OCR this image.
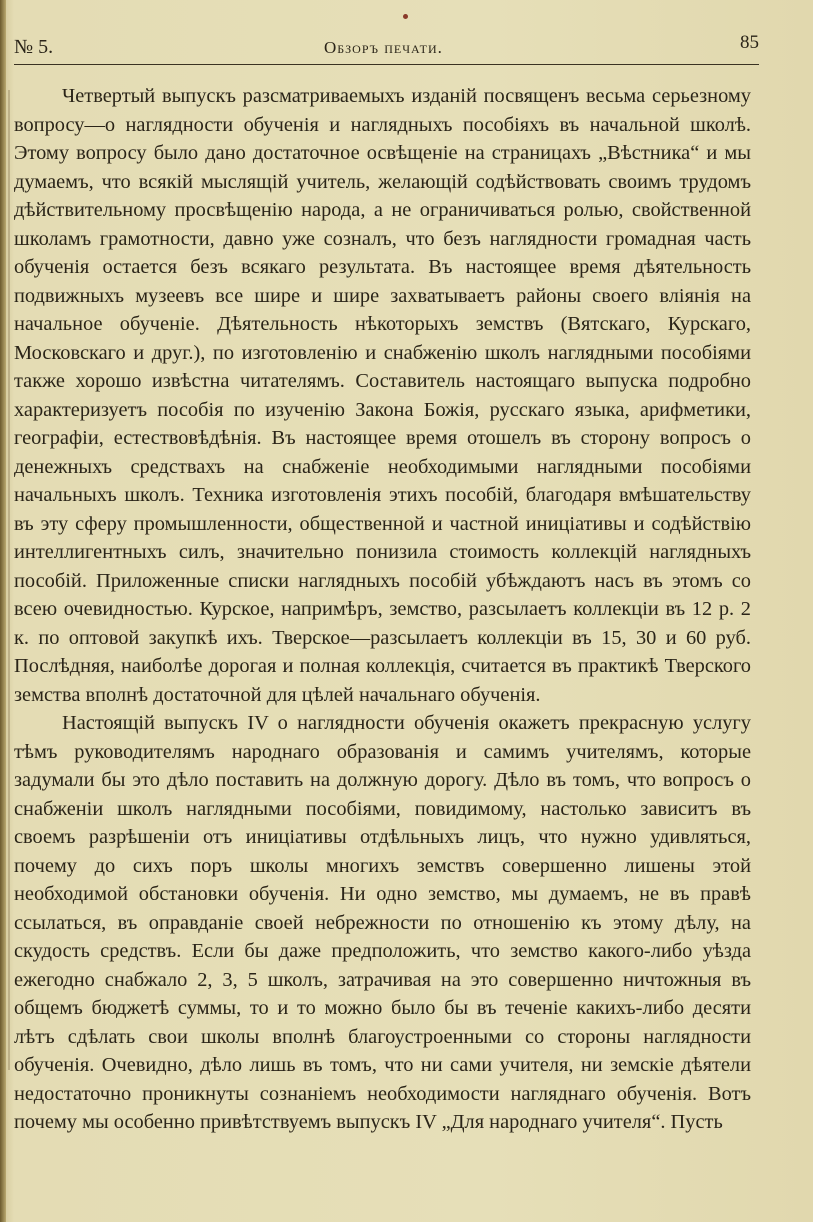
№ 5.	Обзоръ печати.	85

Четвертый выпускъ разсматриваемыхъ изданій посвященъ весьма серьезному вопросу—о наглядности обученія и наглядныхъ пособіяхъ въ начальной школѣ. Этому вопросу было дано достаточное освѣщеніе на страницахъ „Вѣстника“ и мы думаемъ, что всякій мыслящій учитель, желающій содѣйствовать своимъ трудомъ дѣйствительному просвѣщенію народа, а не ограничиваться ролью, свойственной школамъ грамотности, давно уже созналъ, что безъ наглядности громадная часть обученія остается безъ всякаго результата. Въ настоящее время дѣятельность подвижныхъ музеевъ все шире и шире захватываетъ районы своего вліянія на начальное обученіе. Дѣятельность нѣкоторыхъ земствъ (Вятскаго, Курскаго, Московскаго и друг.), по изготовленію и снабженію школъ наглядными пособіями также хорошо извѣстна читателямъ. Составитель настоящаго выпуска подробно характеризуетъ пособія по изученію Закона Божія, русскаго языка, арифметики, географіи, естествовѣдѣнія. Въ настоящее время отошелъ въ сторону вопросъ о денежныхъ средствахъ на снабженіе необходимыми наглядными пособіями начальныхъ школъ. Техника изготовленія этихъ пособій, благодаря вмѣшательству въ эту сферу промышленности, общественной и частной иниціативы и содѣйствію интеллигентныхъ силъ, значительно понизила стоимость коллекцій наглядныхъ пособій. Приложенные списки наглядныхъ пособій убѣждаютъ насъ въ этомъ со всею очевидностью. Курское, напримѣръ, земство, разсылаетъ коллекціи въ 12 р. 2 к. по оптовой закупкѣ ихъ. Тверское—разсылаетъ коллекціи въ 15, 30 и 60 руб. Послѣдняя, наиболѣе дорогая и полная коллекція, считается въ практикѣ Тверского земства вполнѣ достаточной для цѣлей начальнаго обученія.

Настоящій выпускъ IV о наглядности обученія окажетъ прекрасную услугу тѣмъ руководителямъ народнаго образованія и самимъ учителямъ, которые задумали бы это дѣло поставить на должную дорогу. Дѣло въ томъ, что вопросъ о снабженіи школъ наглядными пособіями, повидимому, настолько зависитъ въ своемъ разрѣшеніи отъ иниціативы отдѣльныхъ лицъ, что нужно удивляться, почему до сихъ поръ школы многихъ земствъ совершенно лишены этой необходимой обстановки обученія. Ни одно земство, мы думаемъ, не въ правѣ ссылаться, въ оправданіе своей небрежности по отношенію къ этому дѣлу, на скудость средствъ. Если бы даже предположить, что земство какого-либо уѣзда ежегодно снабжало 2, 3, 5 школъ, затрачивая на это совершенно ничтожныя въ общемъ бюджетѣ суммы, то и то можно было бы въ теченіе какихъ-либо десяти лѣтъ сдѣлать свои школы вполнѣ благоустроенными со стороны наглядности обученія. Очевидно, дѣло лишь въ томъ, что ни сами учителя, ни земскіе дѣятели недостаточно проникнуты сознаніемъ необходимости нагляднаго обученія. Вотъ почему мы особенно привѣтствуемъ выпускъ IV „Для народнаго учителя“. Пусть
